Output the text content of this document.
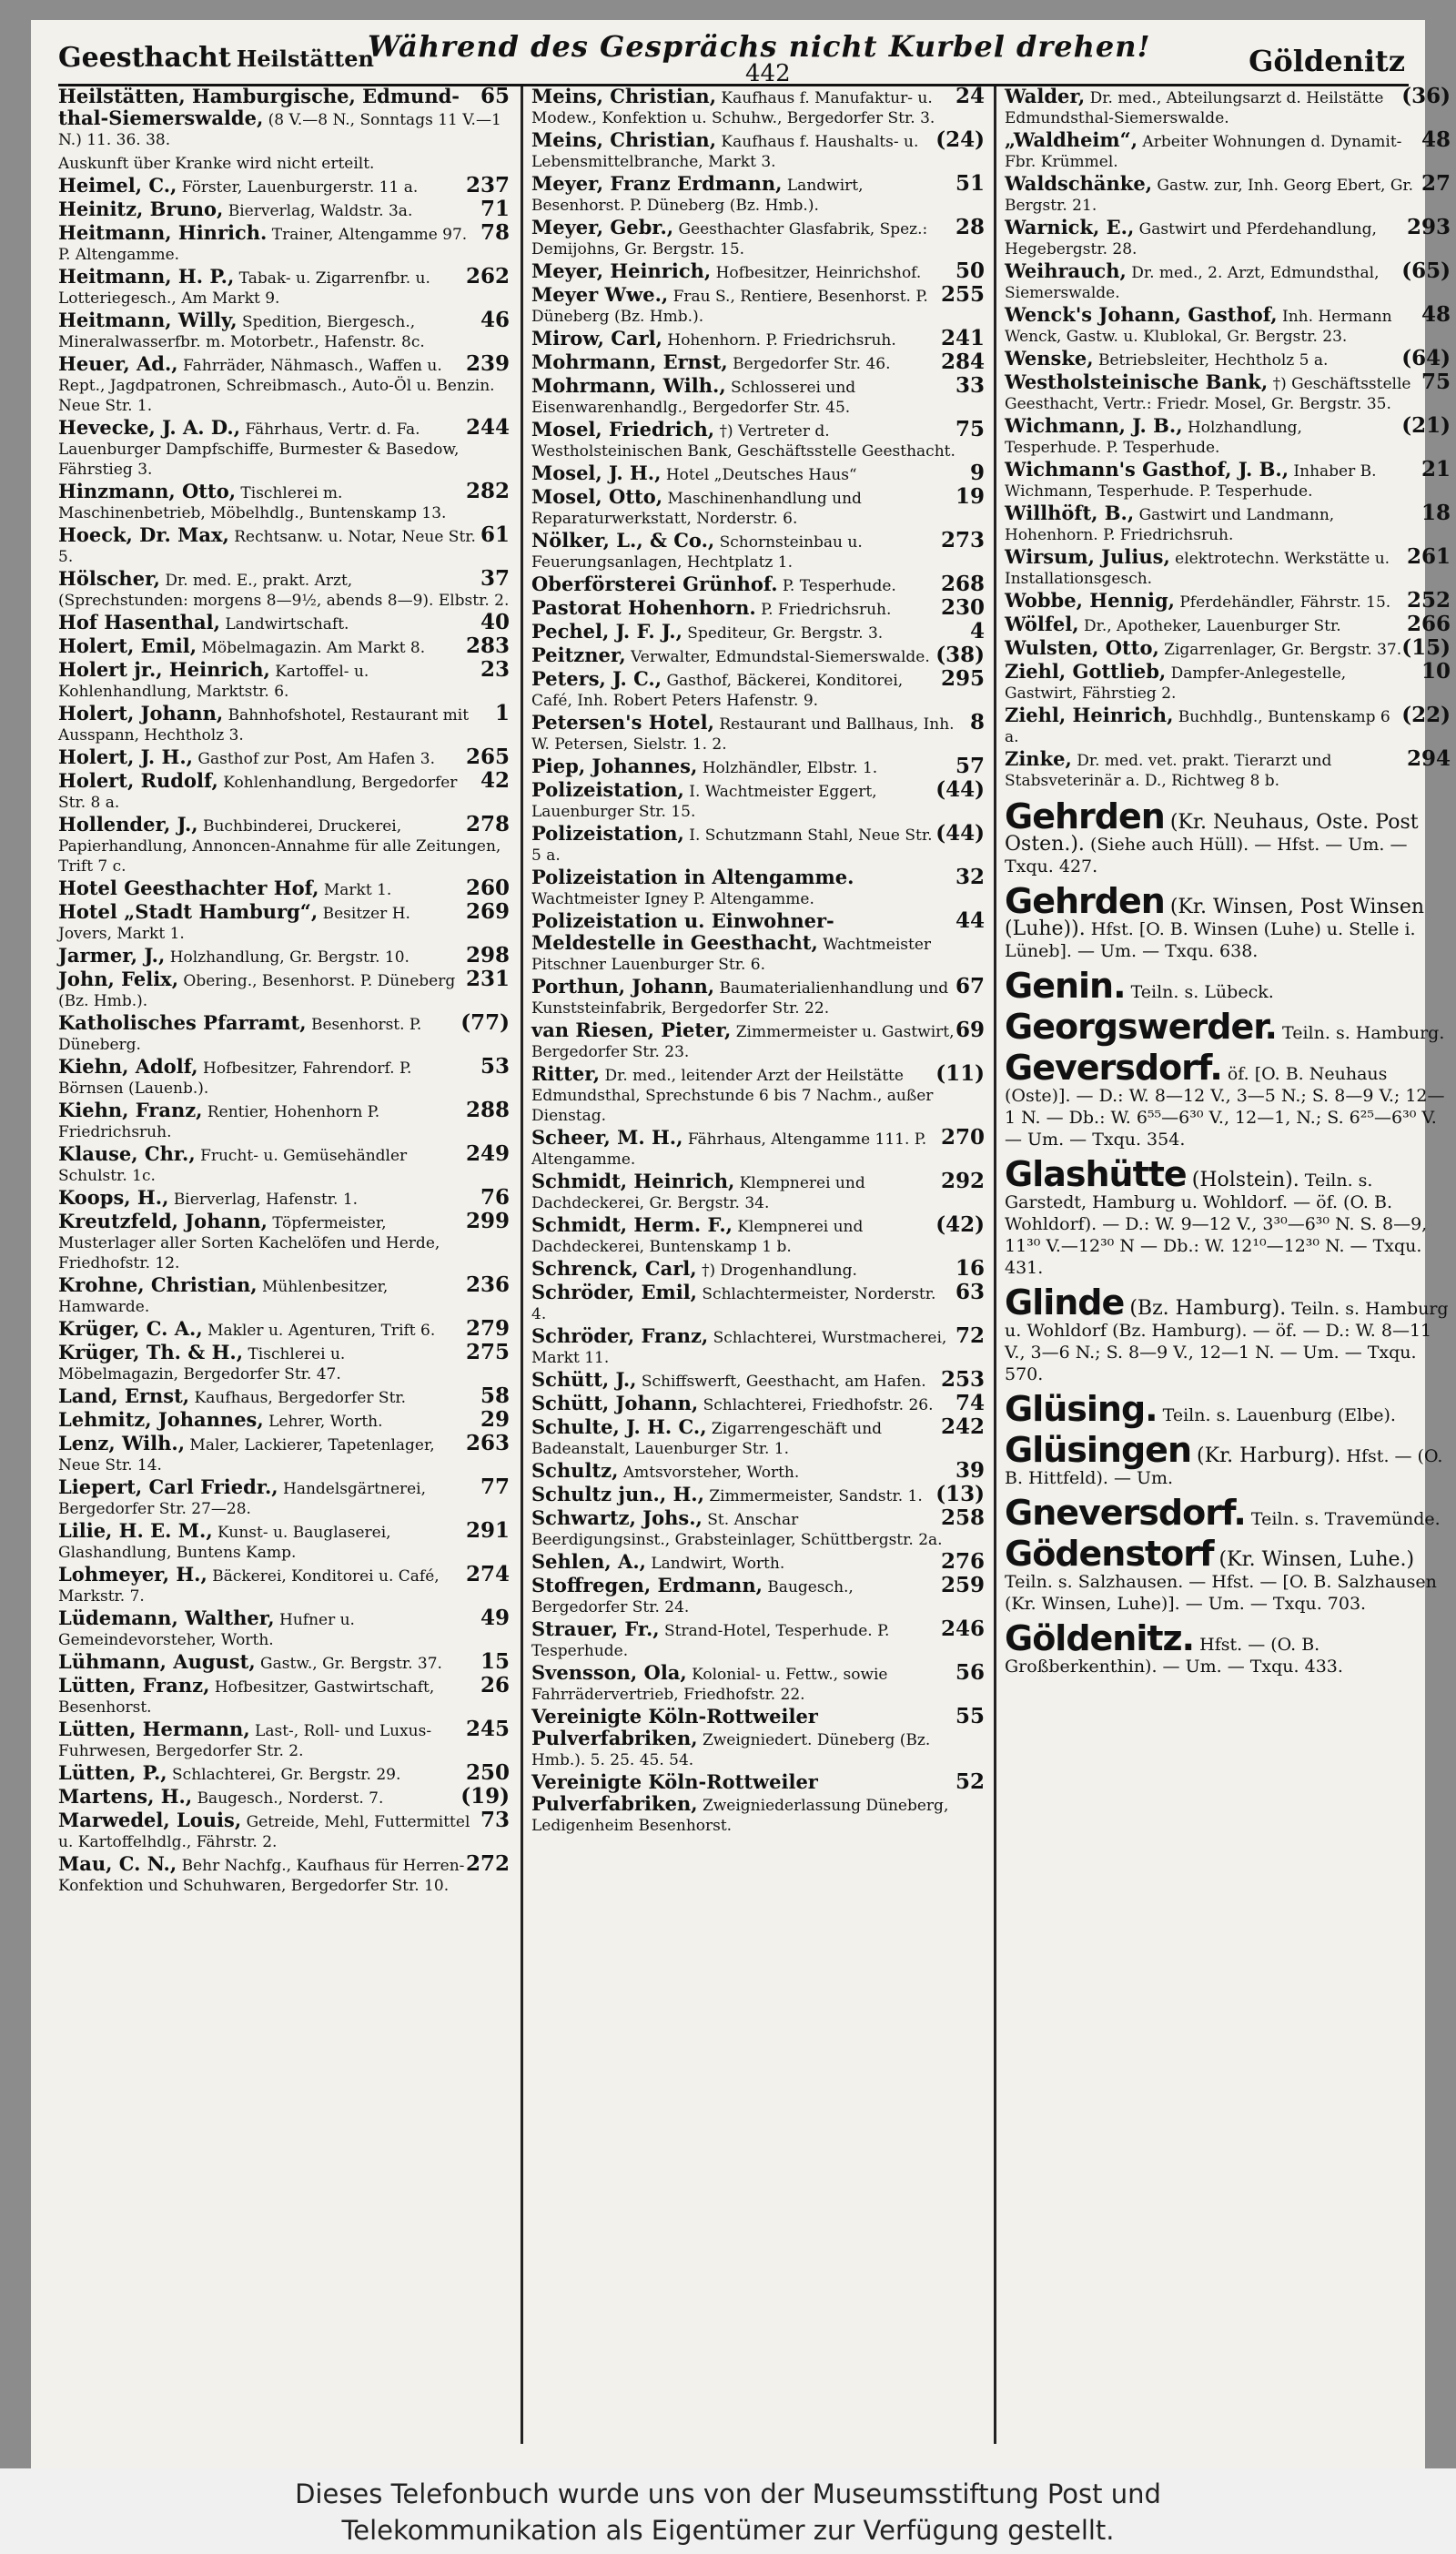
Geesthacht Heilstätten
Während des Gesprächs nicht Kurbel drehen!
442	Göldenitz
65
Heilstätten, Hamburgische, Edmund-thal-Siemerswalde, (8 V.—8 N., Sonntags 11 V.—1 N.) 11. 36. 38.
Auskunft über Kranke wird nicht erteilt.
237
Heimel, C., Förster, Lauenburgerstr. 11 a.
71
Heinitz, Bruno, Bierverlag, Waldstr. 3a.
78
Heitmann, Hinrich. Trainer, Altengamme 97. P. Altengamme.
262
Heitmann, H. P., Tabak- u. Zigarrenfbr. u. Lotteriegesch., Am Markt 9.
46
Heitmann, Willy, Spedition, Biergesch., Mineralwasserfbr. m. Motorbetr., Hafenstr. 8c.
239
Heuer, Ad., Fahrräder, Nähmasch., Waffen u. Rept., Jagdpatronen, Schreibmasch., Auto-Öl u. Benzin. Neue Str. 1.
244
Hevecke, J. A. D., Fährhaus, Vertr. d. Fa. Lauenburger Dampfschiffe, Burmester & Basedow, Fährstieg 3.
282
Hinzmann, Otto, Tischlerei m. Maschinenbetrieb, Möbelhdlg., Buntenskamp 13.
61
Hoeck, Dr. Max, Rechtsanw. u. Notar, Neue Str. 5.
37
Hölscher, Dr. med. E., prakt. Arzt, (Sprechstunden: morgens 8—9½, abends 8—9). Elbstr. 2.
40
Hof Hasenthal, Landwirtschaft.
283
Holert, Emil, Möbelmagazin. Am Markt 8.
23
Holert jr., Heinrich, Kartoffel- u. Kohlenhandlung, Marktstr. 6.
1
Holert, Johann, Bahnhofshotel, Restaurant mit Ausspann, Hechtholz 3.
265
Holert, J. H., Gasthof zur Post, Am Hafen 3.
42
Holert, Rudolf, Kohlenhandlung, Bergedorfer Str. 8 a.
278
Hollender, J., Buchbinderei, Druckerei, Papierhandlung, Annoncen-Annahme für alle Zeitungen, Trift 7 c.
260
Hotel Geesthachter Hof, Markt 1.
269
Hotel „Stadt Hamburg“, Besitzer H. Jovers, Markt 1.
298
Jarmer, J., Holzhandlung, Gr. Bergstr. 10.
231
John, Felix, Obering., Besenhorst. P. Düneberg (Bz. Hmb.).
(77)
Katholisches Pfarramt, Besenhorst. P. Düneberg.
53
Kiehn, Adolf, Hofbesitzer, Fahrendorf. P. Börnsen (Lauenb.).
288
Kiehn, Franz, Rentier, Hohenhorn P. Friedrichsruh.
249
Klause, Chr., Frucht- u. Gemüsehändler Schulstr. 1c.
76
Koops, H., Bierverlag, Hafenstr. 1.
299
Kreutzfeld, Johann, Töpfermeister, Musterlager aller Sorten Kachelöfen und Herde, Friedhofstr. 12.
236
Krohne, Christian, Mühlenbesitzer, Hamwarde.
279
Krüger, C. A., Makler u. Agenturen, Trift 6.
275
Krüger, Th. & H., Tischlerei u. Möbelmagazin, Bergedorfer Str. 47.
58
Land, Ernst, Kaufhaus, Bergedorfer Str.
29
Lehmitz, Johannes, Lehrer, Worth.
263
Lenz, Wilh., Maler, Lackierer, Tapetenlager, Neue Str. 14.
77
Liepert, Carl Friedr., Handelsgärtnerei, Bergedorfer Str. 27—28.
291
Lilie, H. E. M., Kunst- u. Bauglaserei, Glashandlung, Buntens Kamp.
274
Lohmeyer, H., Bäckerei, Konditorei u. Café, Markstr. 7.
49
Lüdemann, Walther, Hufner u. Gemeindevorsteher, Worth.
15
Lühmann, August, Gastw., Gr. Bergstr. 37.
26
Lütten, Franz, Hofbesitzer, Gastwirtschaft, Besenhorst.
245
Lütten, Hermann, Last-, Roll- und Luxus-Fuhrwesen, Bergedorfer Str. 2.
250
Lütten, P., Schlachterei, Gr. Bergstr. 29.
(19)
Martens, H., Baugesch., Norderst. 7.
73
Marwedel, Louis, Getreide, Mehl, Futtermittel u. Kartoffelhdlg., Fährstr. 2.
272
Mau, C. N., Behr Nachfg., Kaufhaus für Herren-Konfektion und Schuhwaren, Bergedorfer Str. 10.
24
Meins, Christian, Kaufhaus f. Manufaktur- u. Modew., Konfektion u. Schuhw., Bergedorfer Str. 3.
(24)
Meins, Christian, Kaufhaus f. Haushalts- u. Lebensmittelbranche, Markt 3.
51
Meyer, Franz Erdmann, Landwirt, Besenhorst. P. Düneberg (Bz. Hmb.).
28
Meyer, Gebr., Geesthachter Glasfabrik, Spez.: Demijohns, Gr. Bergstr. 15.
50
Meyer, Heinrich, Hofbesitzer, Heinrichshof.
255
Meyer Wwe., Frau S., Rentiere, Besenhorst. P. Düneberg (Bz. Hmb.).
241
Mirow, Carl, Hohenhorn. P. Friedrichsruh.
284
Mohrmann, Ernst, Bergedorfer Str. 46.
33
Mohrmann, Wilh., Schlosserei und Eisenwarenhandlg., Bergedorfer Str. 45.
75
Mosel, Friedrich, †) Vertreter d. Westholsteinischen Bank, Geschäftsstelle Geesthacht.
9
Mosel, J. H., Hotel „Deutsches Haus“
19
Mosel, Otto, Maschinenhandlung und Reparaturwerkstatt, Norderstr. 6.
273
Nölker, L., & Co., Schornsteinbau u. Feuerungsanlagen, Hechtplatz 1.
268
Oberförsterei Grünhof. P. Tesperhude.
230
Pastorat Hohenhorn. P. Friedrichsruh.
4
Pechel, J. F. J., Spediteur, Gr. Bergstr. 3.
(38)
Peitzner, Verwalter, Edmundstal-Siemerswalde.
295
Peters, J. C., Gasthof, Bäckerei, Konditorei, Café, Inh. Robert Peters Hafenstr. 9.
8
Petersen's Hotel, Restaurant und Ballhaus, Inh. W. Petersen, Sielstr. 1. 2.
57
Piep, Johannes, Holzhändler, Elbstr. 1.
(44)
Polizeistation, I. Wachtmeister Eggert, Lauenburger Str. 15.
(44)
Polizeistation, I. Schutzmann Stahl, Neue Str. 5 a.
32
Polizeistation in Altengamme. Wachtmeister Igney P. Altengamme.
44
Polizeistation u. Einwohner-Meldestelle in Geesthacht, Wachtmeister Pitschner Lauenburger Str. 6.
67
Porthun, Johann, Baumaterialienhandlung und Kunststeinfabrik, Bergedorfer Str. 22.
69
van Riesen, Pieter, Zimmermeister u. Gastwirt, Bergedorfer Str. 23.
(11)
Ritter, Dr. med., leitender Arzt der Heilstätte Edmundsthal, Sprechstunde 6 bis 7 Nachm., außer Dienstag.
270
Scheer, M. H., Fährhaus, Altengamme 111. P. Altengamme.
292
Schmidt, Heinrich, Klempnerei und Dachdeckerei, Gr. Bergstr. 34.
(42)
Schmidt, Herm. F., Klempnerei und Dachdeckerei, Buntenskamp 1 b.
16
Schrenck, Carl, †) Drogenhandlung.
63
Schröder, Emil, Schlachtermeister, Norderstr. 4.
72
Schröder, Franz, Schlachterei, Wurstmacherei, Markt 11.
253
Schütt, J., Schiffswerft, Geesthacht, am Hafen.
74
Schütt, Johann, Schlachterei, Friedhofstr. 26.
242
Schulte, J. H. C., Zigarrengeschäft und Badeanstalt, Lauenburger Str. 1.
39
Schultz, Amtsvorsteher, Worth.
(13)
Schultz jun., H., Zimmermeister, Sandstr. 1.
258
Schwartz, Johs., St. Anschar Beerdigungsinst., Grabsteinlager, Schüttbergstr. 2a.
276
Sehlen, A., Landwirt, Worth.
259
Stoffregen, Erdmann, Baugesch., Bergedorfer Str. 24.
246
Strauer, Fr., Strand-Hotel, Tesperhude. P. Tesperhude.
56
Svensson, Ola, Kolonial- u. Fettw., sowie Fahrrädervertrieb, Friedhofstr. 22.
55
Vereinigte Köln-Rottweiler Pulverfabriken, Zweigniedert. Düneberg (Bz. Hmb.). 5. 25. 45. 54.
52
Vereinigte Köln-Rottweiler Pulverfabriken, Zweigniederlassung Düneberg, Ledigenheim Besenhorst.
(36)
Walder, Dr. med., Abteilungsarzt d. Heilstätte Edmundsthal-Siemerswalde.
48
„Waldheim“, Arbeiter Wohnungen d. Dynamit-Fbr. Krümmel.
27
Waldschänke, Gastw. zur, Inh. Georg Ebert, Gr. Bergstr. 21.
293
Warnick, E., Gastwirt und Pferdehandlung, Hegebergstr. 28.
(65)
Weihrauch, Dr. med., 2. Arzt, Edmundsthal, Siemerswalde.
48
Wenck's Johann, Gasthof, Inh. Hermann Wenck, Gastw. u. Klublokal, Gr. Bergstr. 23.
(64)
Wenske, Betriebsleiter, Hechtholz 5 a.
75
Westholsteinische Bank, †) Geschäftsstelle Geesthacht, Vertr.: Friedr. Mosel, Gr. Bergstr. 35.
(21)
Wichmann, J. B., Holzhandlung, Tesperhude. P. Tesperhude.
21
Wichmann's Gasthof, J. B., Inhaber B. Wichmann, Tesperhude. P. Tesperhude.
18
Willhöft, B., Gastwirt und Landmann, Hohenhorn. P. Friedrichsruh.
261
Wirsum, Julius, elektrotechn. Werkstätte u. Installationsgesch.
252
Wobbe, Hennig, Pferdehändler, Fährstr. 15.
266
Wölfel, Dr., Apotheker, Lauenburger Str.
(15)
Wulsten, Otto, Zigarrenlager, Gr. Bergstr. 37.
10
Ziehl, Gottlieb, Dampfer-Anlegestelle, Gastwirt, Fährstieg 2.
(22)
Ziehl, Heinrich, Buchhdlg., Buntenskamp 6 a.
294
Zinke, Dr. med. vet. prakt. Tierarzt und Stabsveterinär a. D., Richtweg 8 b.
Gehrden (Kr. Neuhaus, Oste. Post Osten.). (Siehe auch Hüll). — Hfst. — Um. — Txqu. 427.
Gehrden (Kr. Winsen, Post Winsen (Luhe)). Hfst. [O. B. Winsen (Luhe) u. Stelle i. Lüneb]. — Um. — Txqu. 638.
Genin. Teiln. s. Lübeck.
Georgswerder. Teiln. s. Hamburg.
Geversdorf. öf. [O. B. Neuhaus (Oste)]. — D.: W. 8—12 V., 3—5 N.; S. 8—9 V.; 12—1 N. — Db.: W. 6⁵⁵—6³⁰ V., 12—1, N.; S. 6²⁵—6³⁰ V. — Um. — Txqu. 354.
Glashütte (Holstein). Teiln. s. Garstedt, Hamburg u. Wohldorf. — öf. (O. B. Wohldorf). — D.: W. 9—12 V., 3³⁰—6³⁰ N. S. 8—9, 11³⁰ V.—12³⁰ N — Db.: W. 12¹⁰—12³⁰ N. — Txqu. 431.
Glinde (Bz. Hamburg). Teiln. s. Hamburg u. Wohldorf (Bz. Hamburg). — öf. — D.: W. 8—11 V., 3—6 N.; S. 8—9 V., 12—1 N. — Um. — Txqu. 570.
Glüsing. Teiln. s. Lauenburg (Elbe).
Glüsingen (Kr. Harburg). Hfst. — (O. B. Hittfeld). — Um.
Gneversdorf. Teiln. s. Travemünde.
Gödenstorf (Kr. Winsen, Luhe.) Teiln. s. Salzhausen. — Hfst. — [O. B. Salzhausen (Kr. Winsen, Luhe)]. — Um. — Txqu. 703.
Göldenitz. Hfst. — (O. B. Großberkenthin). — Um. — Txqu. 433.
Dieses Telefonbuch wurde uns von der Museumsstiftung Post und
Telekommunikation als Eigentümer zur Verfügung gestellt.
